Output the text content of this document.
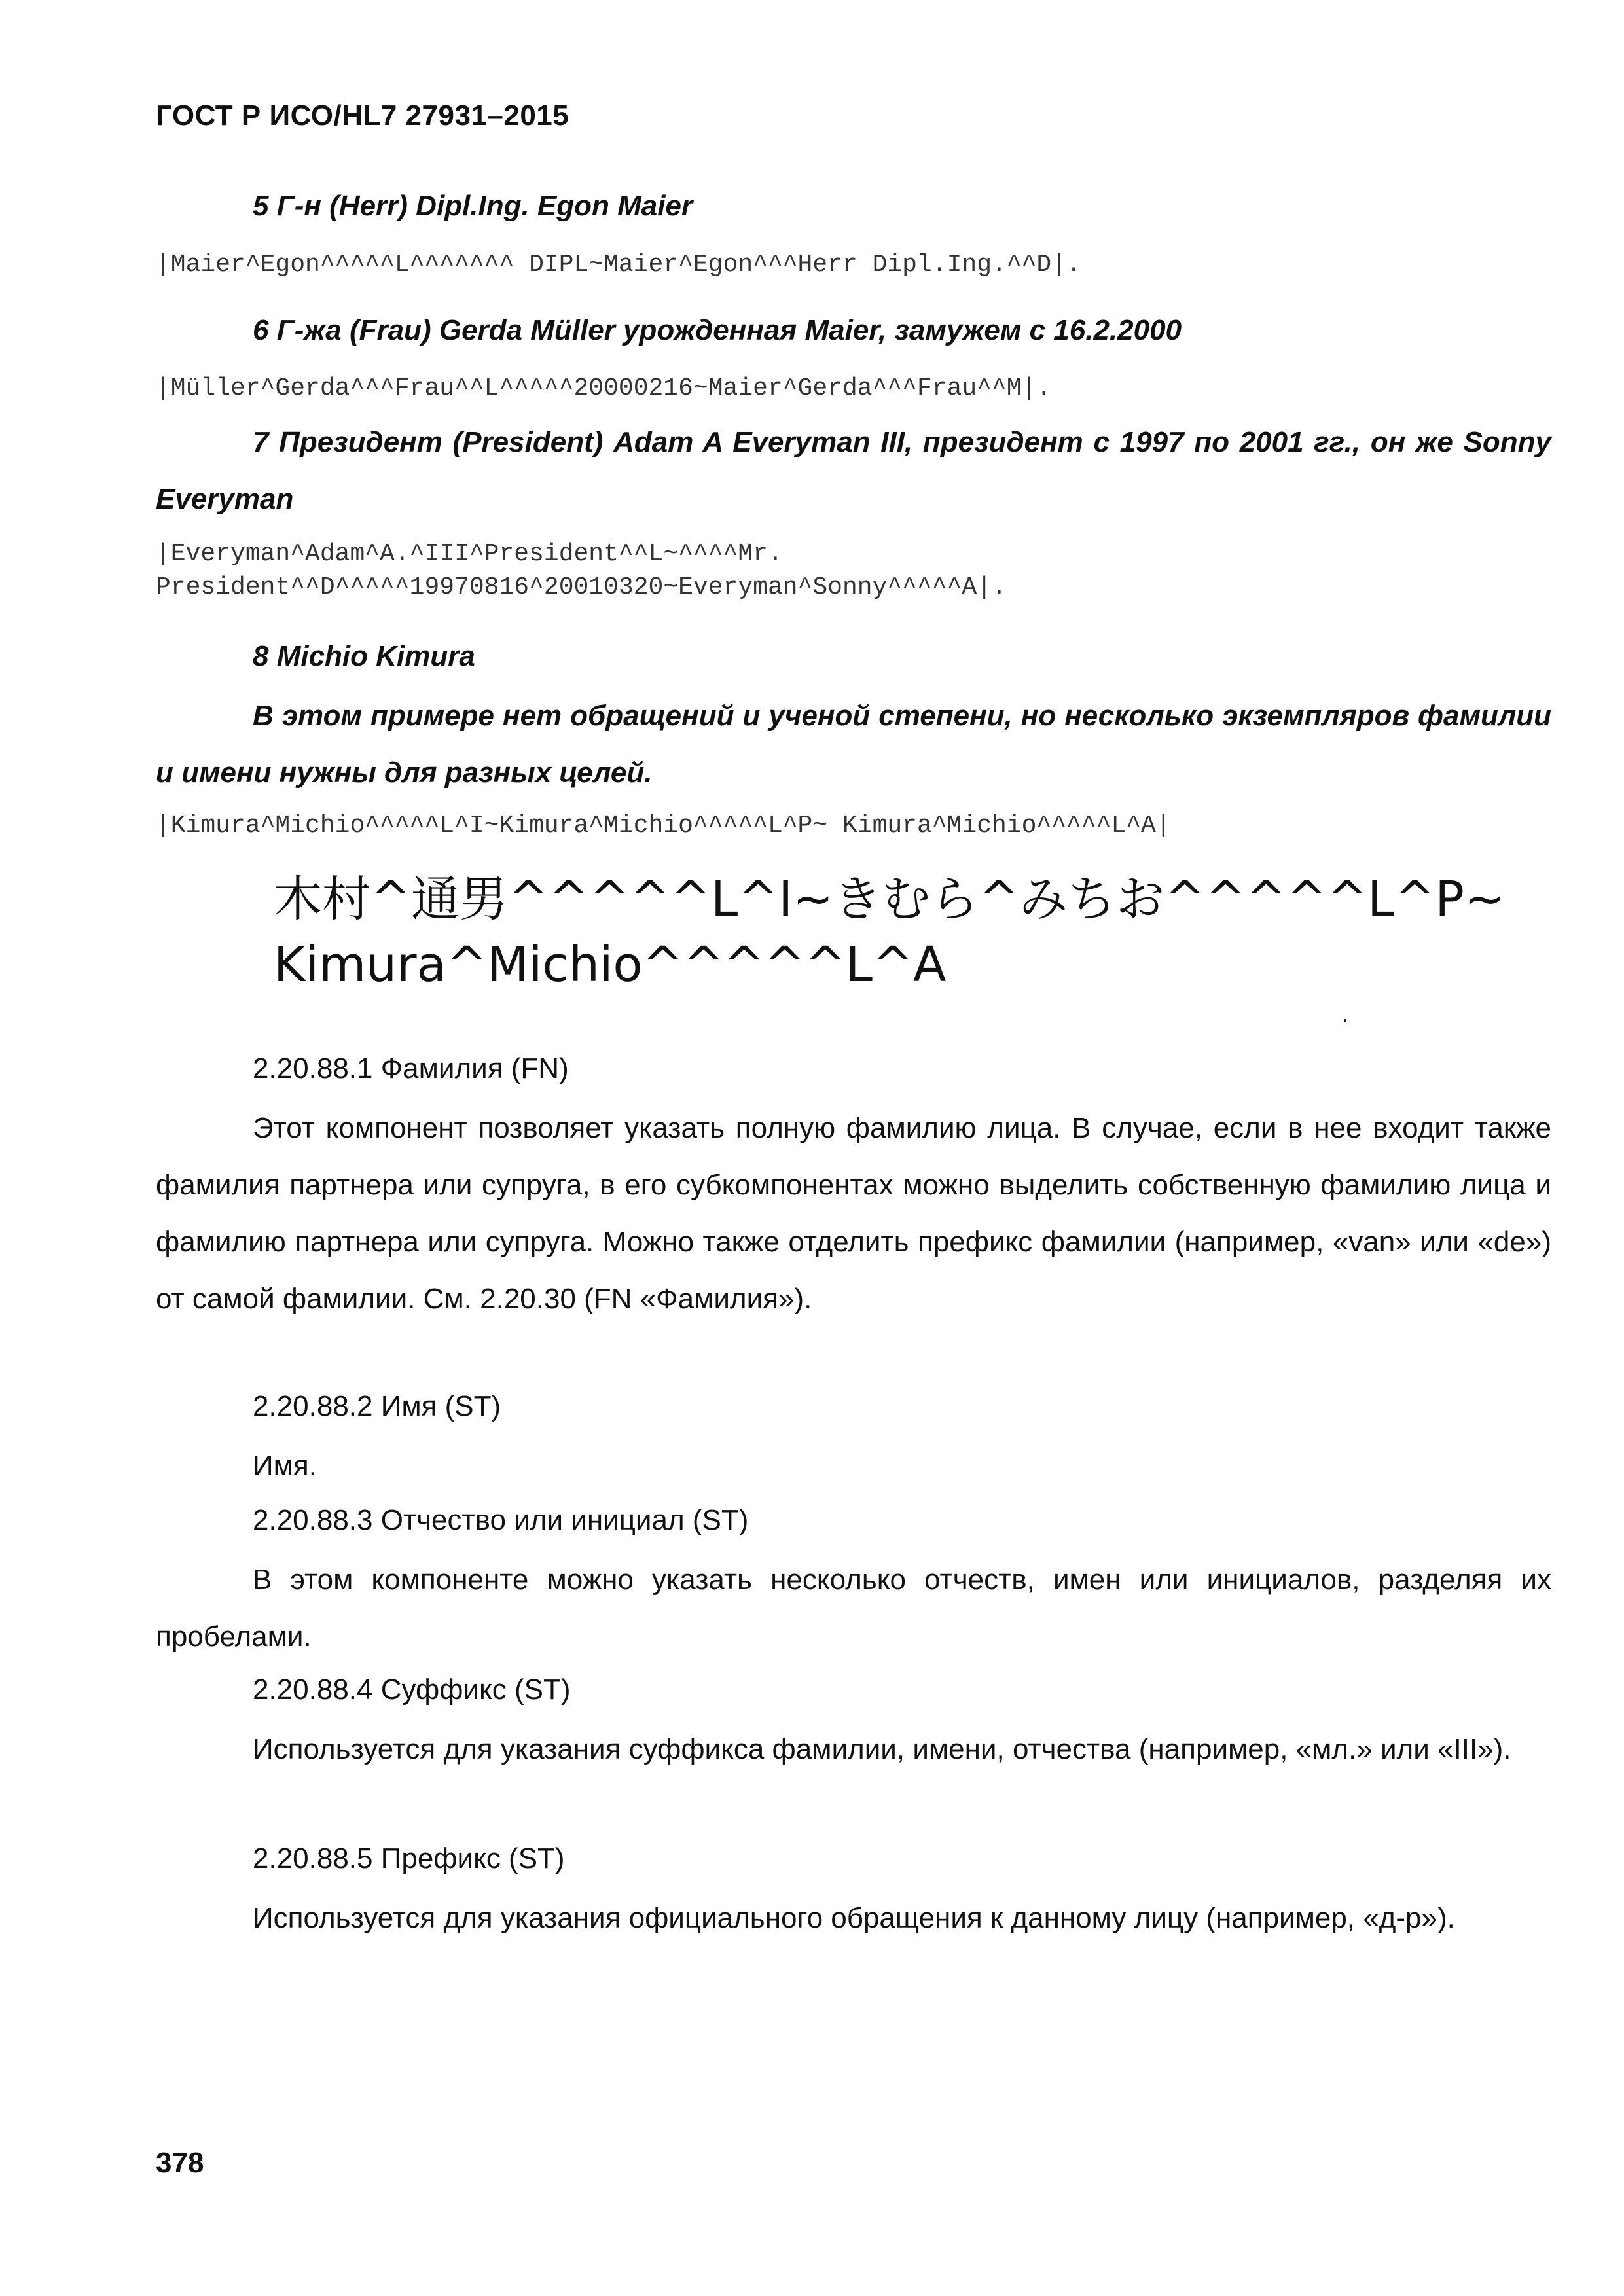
ГОСТ Р ИСО/HL7 27931–2015
5 Г-н (Herr) Dipl.Ing. Egon Maier
|Maier^Egon^^^^^L^^^^^^^ DIPL~Maier^Egon^^^Herr Dipl.Ing.^^D|.
6 Г-жа (Frau) Gerda Müller урожденная Maier, замужем с 16.2.2000
|Müller^Gerda^^^Frau^^L^^^^^20000216~Maier^Gerda^^^Frau^^M|.
7 Президент (President) Adam A Everyman III, президент с 1997 по 2001 гг., он же Sonny Everyman
|Everyman^Adam^A.^III^President^^L~^^^^Mr.
President^^D^^^^^19970816^20010320~Everyman^Sonny^^^^^A|.
8 Michio Kimura
В этом примере нет обращений и ученой степени, но несколько экземпляров фамилии и имени нужны для разных целей.
|Kimura^Michio^^^^^L^I~Kimura^Michio^^^^^L^P~ Kimura^Michio^^^^^L^A|
木村^通男^^^^^L^I~きむら^みちお^^^^^L^P~
Kimura^Michio^^^^^L^A
.
2.20.88.1 Фамилия (FN)
Этот компонент позволяет указать полную фамилию лица. В случае, если в нее входит также фамилия партнера или супруга, в его субкомпонентах можно выделить собственную фамилию лица и фамилию партнера или супруга. Можно также отделить префикс фамилии (например, «van» или «de») от самой фамилии. См. 2.20.30 (FN «Фамилия»).
2.20.88.2 Имя (ST)
Имя.
2.20.88.3 Отчество или инициал (ST)
В этом компоненте можно указать несколько отчеств, имен или инициалов, разделяя их пробелами.
2.20.88.4 Суффикс (ST)
Используется для указания суффикса фамилии, имени, отчества (например, «мл.» или «III»).
2.20.88.5 Префикс (ST)
Используется для указания официального обращения к данному лицу (например, «д-р»).
378
